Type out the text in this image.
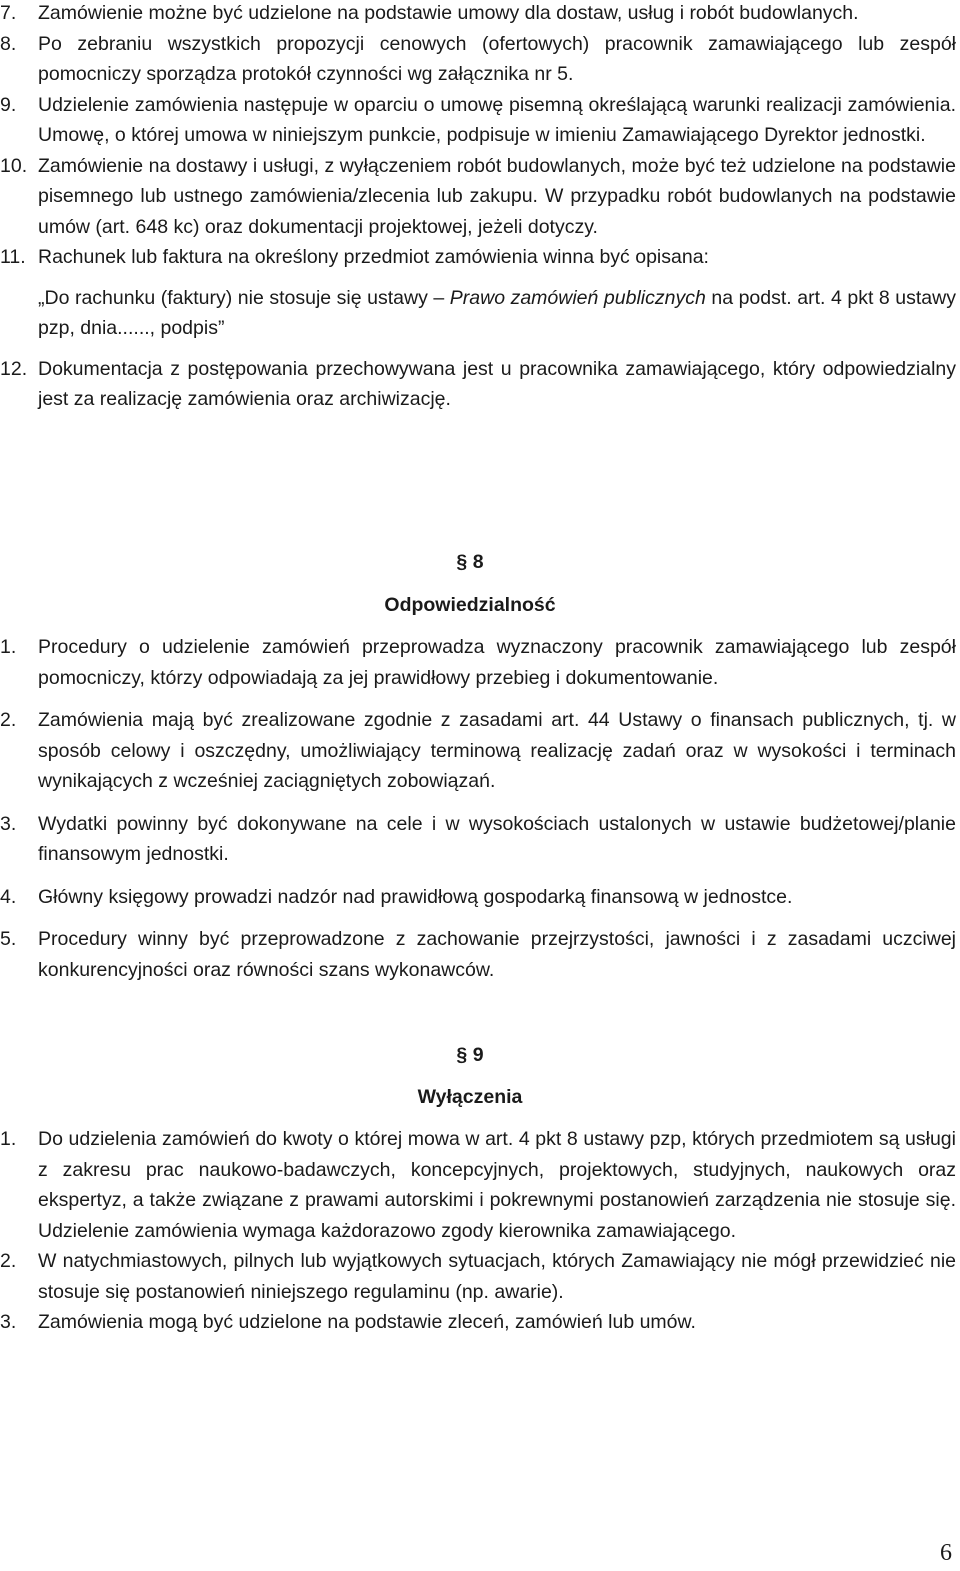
7. Zamówienie możne być udzielone na podstawie umowy dla dostaw, usług i robót budowlanych.
8. Po zebraniu wszystkich propozycji cenowych (ofertowych) pracownik zamawiającego lub zespół pomocniczy sporządza protokół czynności wg załącznika nr 5.
9. Udzielenie zamówienia następuje w oparciu o umowę pisemną określającą warunki realizacji zamówienia. Umowę, o której umowa w niniejszym punkcie, podpisuje w imieniu Zamawiającego Dyrektor jednostki.
10. Zamówienie na dostawy i usługi, z wyłączeniem robót budowlanych, może być też udzielone na podstawie pisemnego lub ustnego zamówienia/zlecenia lub zakupu. W przypadku robót budowlanych na podstawie umów (art. 648 kc) oraz dokumentacji projektowej, jeżeli dotyczy.
11. Rachunek lub faktura na określony przedmiot zamówienia winna być opisana:
„Do rachunku (faktury) nie stosuje się ustawy – Prawo zamówień publicznych na podst. art. 4 pkt 8 ustawy pzp, dnia......, podpis”
12. Dokumentacja z postępowania przechowywana jest u pracownika zamawiającego, który odpowiedzialny jest za realizację zamówienia oraz archiwizację.
§ 8
Odpowiedzialność
1. Procedury o udzielenie zamówień przeprowadza wyznaczony pracownik zamawiającego lub zespół pomocniczy, którzy odpowiadają za jej prawidłowy przebieg i dokumentowanie.
2. Zamówienia mają być zrealizowane zgodnie z zasadami art. 44 Ustawy o finansach publicznych, tj. w sposób celowy i oszczędny, umożliwiający terminową realizację zadań oraz w wysokości i terminach wynikających z wcześniej zaciągniętych zobowiązań.
3. Wydatki powinny być dokonywane na cele i w wysokościach ustalonych w ustawie budżetowej/planie finansowym jednostki.
4. Główny księgowy prowadzi nadzór nad prawidłową gospodarką finansową w jednostce.
5. Procedury winny być przeprowadzone z zachowanie przejrzystości, jawności i z zasadami uczciwej konkurencyjności oraz równości szans wykonawców.
§ 9
Wyłączenia
1. Do udzielenia zamówień do kwoty o której mowa w art. 4 pkt 8 ustawy pzp, których przedmiotem są usługi z zakresu prac naukowo-badawczych, koncepcyjnych, projektowych, studyjnych, naukowych oraz ekspertyz, a także związane z prawami autorskimi i pokrewnymi postanowień zarządzenia nie stosuje się. Udzielenie zamówienia wymaga każdorazowo zgody kierownika zamawiającego.
2. W natychmiastowych, pilnych lub wyjątkowych sytuacjach, których Zamawiający nie mógł przewidzieć nie stosuje się postanowień niniejszego regulaminu (np. awarie).
3. Zamówienia mogą być udzielone na podstawie zleceń, zamówień lub umów.
6
